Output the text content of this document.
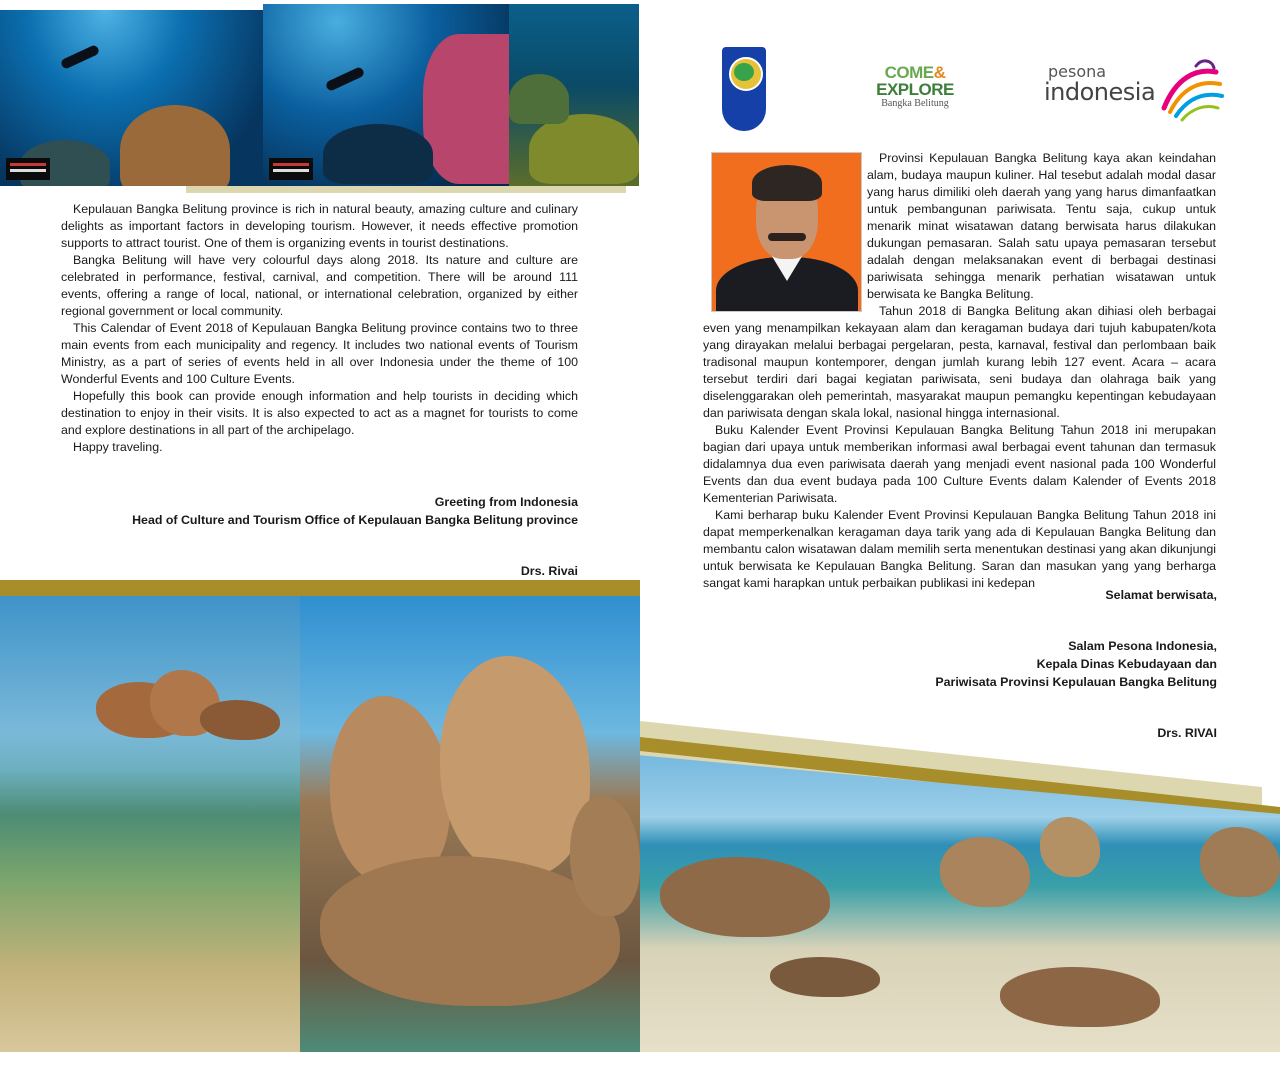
Kepulauan Bangka Belitung province is rich in natural beauty, amazing culture and culinary delights as important factors in developing tourism. However, it needs effective promotion supports to attract tourist. One of them is organizing events in tourist destinations.

Bangka Belitung will have very colourful days along 2018. Its nature and culture are celebrated in performance, festival, carnival, and competition. There will be around 111 events, offering a range of local, national, or international celebration, organized by either regional government or local community.

This Calendar of Event 2018 of Kepulauan Bangka Belitung province contains two to three main events from each municipality and regency. It includes two national events of Tourism Ministry, as a part of series of events held in all over Indonesia under the theme of 100 Wonderful Events and 100 Culture Events.

Hopefully this book can provide enough information and help tourists in deciding which destination to enjoy in their visits. It is also expected to act as a magnet for tourists to come and explore destinations in all part of the archipelago.

Happy traveling.

Greeting from Indonesia
Head of Culture and Tourism Office of Kepulauan Bangka Belitung province
Drs. Rivai
COME&
EXPLORE
Bangka Belitung
pesona
indonesia

Provinsi Kepulauan Bangka Belitung kaya akan keindahan alam, budaya maupun kuliner. Hal tesebut adalah modal dasar yang harus dimiliki oleh daerah yang yang harus dimanfaatkan untuk pembangunan pariwisata. Tentu saja, cukup untuk menarik minat wisatawan datang berwisata harus dilakukan dukungan pemasaran. Salah satu upaya pemasaran tersebut adalah dengan melaksanakan event di berbagai destinasi pariwisata sehingga menarik perhatian wisatawan untuk berwisata ke Bangka Belitung.

Tahun 2018 di Bangka Belitung akan dihiasi oleh berbagai even yang menampilkan kekayaan alam dan keragaman budaya dari tujuh kabupaten/kota yang dirayakan melalui berbagai pergelaran, pesta, karnaval, festival dan perlombaan baik tradisonal maupun kontemporer, dengan jumlah kurang lebih 127 event. Acara – acara tersebut terdiri dari bagai kegiatan pariwisata, seni budaya dan olahraga baik yang diselenggarakan oleh pemerintah, masyarakat maupun pemangku kepentingan kebudayaan dan pariwisata dengan skala lokal, nasional hingga internasional.

Buku Kalender Event Provinsi Kepulauan Bangka Belitung Tahun 2018 ini merupakan bagian dari upaya untuk memberikan informasi awal berbagai event tahunan dan termasuk didalamnya dua even pariwisata daerah yang menjadi event nasional pada 100 Wonderful Events dan dua event budaya pada 100 Culture Events dalam Kalender of Events 2018 Kementerian Pariwisata.

Kami berharap buku Kalender Event Provinsi Kepulauan Bangka Belitung Tahun 2018 ini dapat memperkenalkan keragaman daya tarik yang ada di Kepulauan Bangka Belitung dan membantu calon wisatawan dalam memilih serta menentukan destinasi yang akan dikunjungi untuk berwisata ke Kepulauan Bangka Belitung. Saran dan masukan yang yang berharga sangat kami harapkan untuk perbaikan publikasi ini kedepan

Selamat berwisata,
Salam Pesona Indonesia,
Kepala Dinas Kebudayaan dan
Pariwisata Provinsi Kepulauan Bangka Belitung
Drs. RIVAI
